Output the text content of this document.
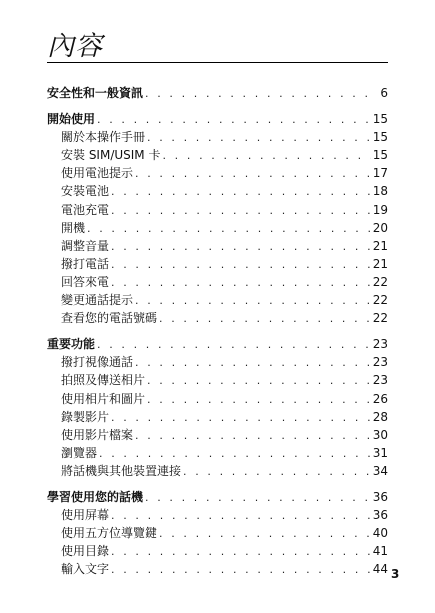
內容
安全性和一般資訊 . . .	6
開始使用 . . .	15
關於本操作手冊 . . .	15
安裝 SIM/USIM 卡 . . .	15
使用電池提示 . . .	17
安裝電池 . . .	18
電池充電 . . .	19
開機 . . .	20
調整音量 . . .	21
撥打電話 . . .	21
回答來電 . . .	22
變更通話提示 . . .	22
查看您的電話號碼 . . .	22
重要功能 . . .	23
撥打視像通話 . . .	23
拍照及傳送相片 . . .	23
使用相片和圖片 . . .	26
錄製影片 . . .	28
使用影片檔案 . . .	30
瀏覽器 . . .	31
將話機與其他裝置連接 . . .	34
學習使用您的話機 . . .	36
使用屏幕 . . .	36
使用五方位導覽鍵 . . .	40
使用目錄 . . .	41
輸入文字 . . .	44 3
